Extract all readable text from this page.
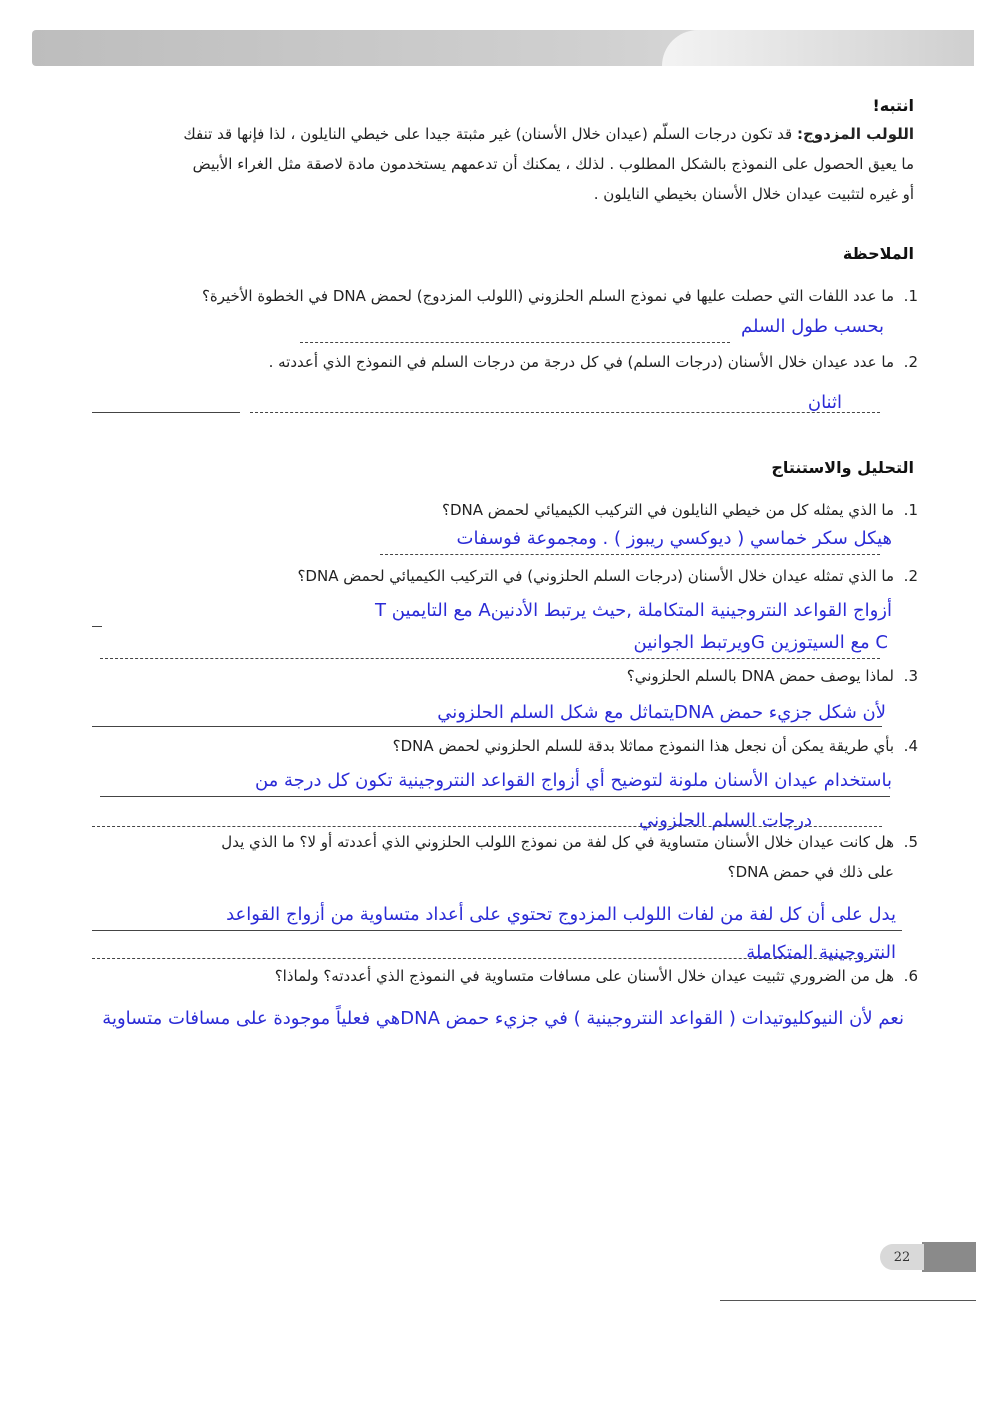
انتبه!
اللولب المزدوج: قد تكون درجات السلّم (عيدان خلال الأسنان) غير مثبتة جيدا على خيطي النايلون ، لذا فإنها قد تنفك
ما يعيق الحصول على النموذج بالشكل المطلوب . لذلك ، يمكنك أن تدعمهم يستخدمون مادة لاصقة مثل الغراء الأبيض
أو غيره لتثبيت عيدان خلال الأسنان بخيطي النايلون .
الملاحظة
1.
ما عدد اللفات التي حصلت عليها في نموذج السلم الحلزوني (اللولب المزدوج) لحمض DNA في الخطوة الأخيرة؟
بحسب طول السلم
2.
ما عدد عيدان خلال الأسنان (درجات السلم) في كل درجة من درجات السلم في النموذج الذي أعددته .
اثنان
التحليل والاستنتاج
1.
ما الذي يمثله كل من خيطي النايلون في التركيب الكيميائي لحمض DNA؟
هيكل سكر خماسي ( ديوكسي ريبوز ) . ومجموعة فوسفات
2.
ما الذي تمثله عيدان خلال الأسنان (درجات السلم الحلزوني) في التركيب الكيميائي لحمض DNA؟
أزواج القواعد النتروجينية المتكاملة ,حيث يرتبط الأدنينA مع التايمين T
C مع السيتوزين Gويرتبط الجوانين
3.
لماذا يوصف حمض DNA بالسلم الحلزوني؟
لأن شكل جزيء حمض DNAيتماثل مع شكل السلم الحلزوني
4.
بأي طريقة يمكن أن نجعل هذا النموذج مماثلا بدقة للسلم الحلزوني لحمض DNA؟
باستخدام عيدان الأسنان ملونة لتوضيح أي أزواج القواعد النتروجينية تكون كل درجة من
درجات السلم الحلزوني
5.
هل كانت عيدان خلال الأسنان متساوية في كل لفة من نموذج اللولب الحلزوني الذي أعددته أو لا؟ ما الذي يدل
على ذلك في حمض DNA؟
يدل على أن كل لفة من لفات اللولب المزدوج تحتوي على أعداد متساوية من أزواج القواعد
النتروجينية المتكاملة
6.
هل من الضروري تثبيت عيدان خلال الأسنان على مسافات متساوية في النموذج الذي أعددته؟ ولماذا؟
نعم لأن النيوكليوتيدات ( القواعد النتروجينية ) في جزيء حمض DNAهي فعلياً موجودة على مسافات متساوية
22
